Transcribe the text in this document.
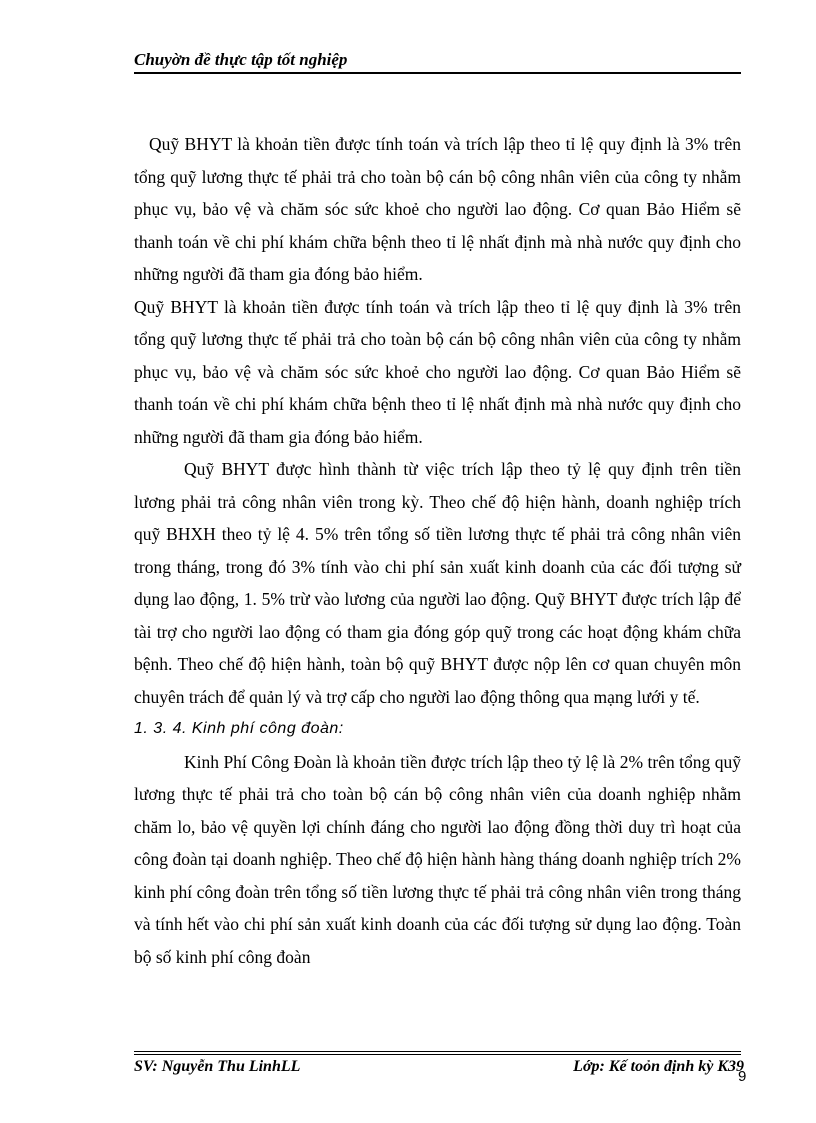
Chuyờn đề thực tập tốt nghiệp

Quỹ BHYT là khoản tiền được tính toán và trích lập theo tỉ lệ quy định là 3% trên tổng quỹ lương thực tế phải trả cho toàn bộ cán bộ công nhân viên của công ty nhằm phục vụ, bảo vệ và chăm sóc sức khoẻ cho người lao động. Cơ quan Bảo Hiểm sẽ thanh toán về chi phí khám chữa bệnh theo tỉ lệ nhất định mà nhà nước quy định cho những người đã tham gia đóng bảo hiểm.

Quỹ BHYT là khoản tiền được tính toán và trích lập theo tỉ lệ quy định là 3% trên tổng quỹ lương thực tế phải trả cho toàn bộ cán bộ công nhân viên của công ty nhằm phục vụ, bảo vệ và chăm sóc sức khoẻ cho người lao động. Cơ quan Bảo Hiểm sẽ thanh toán về chi phí khám chữa bệnh theo tỉ lệ nhất định mà nhà nước quy định cho những người đã tham gia đóng bảo hiểm.

Quỹ BHYT được hình thành từ việc trích lập theo tỷ lệ quy định trên tiền lương phải trả công nhân viên trong kỳ. Theo chế độ hiện hành, doanh nghiệp trích quỹ BHXH theo tỷ lệ 4. 5% trên tổng số tiền lương thực tế phải trả công nhân viên trong tháng, trong đó 3% tính vào chi phí sản xuất kinh doanh của các đối tượng sử dụng lao động, 1. 5% trừ vào lương của người lao động. Quỹ BHYT được trích lập để tài trợ cho người lao động có tham gia đóng góp quỹ trong các hoạt động khám chữa bệnh. Theo chế độ hiện hành, toàn bộ quỹ BHYT được nộp lên cơ quan chuyên môn chuyên trách để quản lý và trợ cấp cho người lao động thông qua mạng lưới y tế.

1. 3. 4. Kinh phí công đoàn:

Kinh Phí Công Đoàn là khoản tiền được trích lập theo tỷ lệ là 2% trên tổng quỹ lương thực tế phải trả cho toàn bộ cán bộ công nhân viên của doanh nghiệp nhằm chăm lo, bảo vệ quyền lợi chính đáng cho người lao động đồng thời duy trì hoạt của công đoàn tại doanh nghiệp. Theo chế độ hiện hành hàng tháng doanh nghiệp trích 2% kinh phí công đoàn trên tổng số tiền lương thực tế phải trả công nhân viên trong tháng và tính hết vào chi phí sản xuất kinh doanh của các đối tượng sử dụng lao động. Toàn bộ số kinh phí công đoàn

SV: Nguyễn Thu LinhLL	Lớp: Kế toỏn định kỳ K39
9
